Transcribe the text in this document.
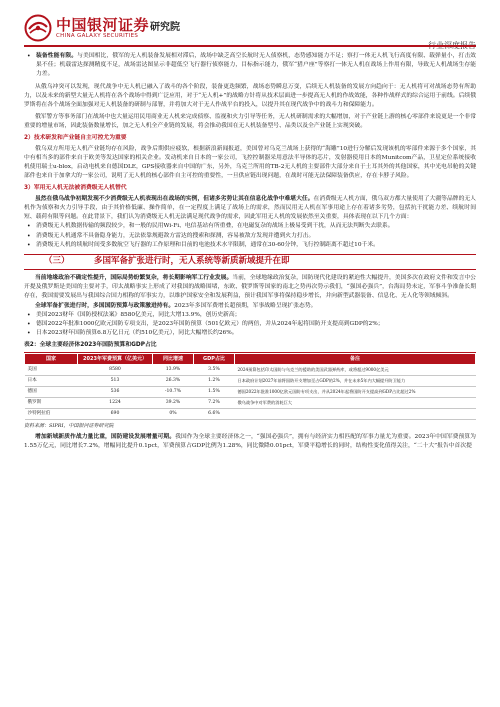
中国银河证券
CHINA GALAXY SECURITIES
研究院

• 装备性能有限。与美国相比，俄军的无人机装备发展相对滞后，战场中缺乏高空长航时无人侦察机，态势感知能力不足；察打一体无人机飞行高度有限、载弹量小，打击效果不佳；机载雷达探测精度不足，战场雷达图显示非超低空飞行器行侦察能力，目标指示能力，俄军“猎户座”等察打一体无人机在战场上作用有限，导致无人机战场生存能力差。

从俄乌冲突可以发现，现代战争中无人机已融入了战斗的各个阶段，装备更迭频繁，战场态势瞬息万变，后续无人机装备的发展方向趋向于：无人机将可对战场态势有所助力，以及未来的新型大量无人机将在各个战场中得到广泛应用，对于“无人机+”的战略方针将从技术层面进一步提高无人机的作战效能，各种作战样式的综合运用于前线。后续俄罗斯将在各个战场全面加强对无人机装备的研制与部署，并将加大对于无人作战平台的投入，以提升其在现代战争中的战斗力和保障能力。

俄军警方等事务部门在战场中也大量运用民用商业无人机来完成侦察、监视和火力引导等任务，无人机研制需求的大幅增加，对于产业链上游的核心零部件来说更是一个非常重要的增量市场，因此装备数量增长，加之无人机全产业链的发展，将会推动我国在无人机装备型号、品类以及全产业链上实现突破。

2）技术研发和产业链自主可控尤为重要

俄乌双方所用无人机产业链均存在风险，战争后期供应疲软，根据新浪新闻报道，美国曾对乌克兰战场上获得的“海雕”10进行分解后发现该机的零部件来源于多个国家，其中有相当多的部件来自于欧美等发达国家的相关企业。发动机来自日本的一家公司，飞控控制器采用意法半导体的芯片，发射器使用日本的Munitcom产品，卫星定位系统接收机使用瑞士u-blox，启动电机来自德国DLE，GPS接收器来自中国的广东，另外，乌克兰所用的TB-2无人机的主要部件大部分来自于土耳其外的其他国家，其中光电吊舱的关键部件也来自于加拿大的一家公司，说明了无人机的核心部件自主可控的重要性，一旦供应链出现问题，在战时可能无法保障装备供应，存在卡脖子风险。

3）军用无人机无法被消费级无人机替代

虽然在俄乌战争初期发现不少消费级无人机表现出在战场的实例，但诸多劣势让其在信息化战争中难堪大任。在消费级无人机方面，俄乌双方都大量使用了大疆等品牌的无人机作为侦察和火力引导手段，由于其价格低廉、操作简单，在一定程度上满足了战场上的需求，然而民用无人机在军事用途上存在着诸多劣势，包括抗干扰能力差、续航时间短、载荷有限等问题。在此背景下，我们认为消费级无人机无法满足现代战争的需求，因此军用无人机的发展依然至关重要，具体表现在以下几个方面：

• 消费级无人机数据传输的频段较少，和一般的民用Wi-Fi、电信基站有所重叠，在电磁复杂的战场上极易受到干扰，从而无法判断失去联系。

• 消费级无人机通常不具备隐身能力，无法依靠规避敌方雷达的搜索和探测，容易被敌方发现并遭到火力打击。

• 消费级无人机的续航时间受多数航空飞行器的工作原理和目前的电池技术水平限制，通常在30-60分钟，飞行控制距离不超过10千米。

（三）	多国军备扩张进行时，无人系统等新质新域提升在即

当前地缘政治不确定性提升，国际局势纷繁复杂，将长期影响军工行业发展。当前，全球地缘政治复杂，国防现代化建设的紧迫性大幅提升，美国多次在政府文件和发言中公开提及俄罗斯是美国的主要对手，印太战略事实上形成了对我国的战略围堵，东欧、俄罗斯等国家的南北之势再次势示我们，“强国必强兵”，台海局势未定，军事斗争准备长期存在，我国需要发展出与我国综合国力相称的军事实力，以维护国家安全和发展利益，预计我国军事将保持稳步增长，并向新型武器装备、信息化、无人化等领域倾斜。

全球军备扩张进行时，多国国防预算与政策激进持有。2023年多国军费增长超预期，军事战略呈现扩张态势。

• 美国2023财年《国防授权法案》8580亿美元，同比大增13.9%，创历史新高；

• 德国2022年批准1000亿欧元国防专项支出，是2023年国防预算（501亿欧元）的两倍，并从2024年起将国防开支提高到GDP的2%；

• 日本2023财年国防预算6.8万亿日元（约510亿美元），同比大幅增长约26%。

表2：全球主要经济体2023年国防预算和GDP占比
国家	2023年军费预算（亿美元）	同比增速	GDP占比	备注
美国	8580	13.9%	3.5%	2024预算包括印太国防与乌克兰的援助的美国武器弹药库，或将超过9000亿美元
日本	513	26.3%	1.2%	日本政府计划2027年前将国防开支增加至占GDP的2%，并在未来5年内大幅提升防卫能力
德国	536	-10.7%	1.5%	德国2022年批准1000亿欧元国防专项支出，并从2024年起将国防开支提高到GDP占比超过2%
俄罗斯	1224	39.2%	7.2%	俄乌战争中对军费的消耗巨大
沙特阿拉伯	690	0%	6.6%	
资料来源：SIPRI，中国银河证券研究院

增加新域新质作战力量比重，国防建设发展增量可期。我国作为全球主要经济体之一，“强国必强兵”，拥有与经济实力相匹配的军事力量尤为重要。2023年中国军费预算为1.55万亿元，同比增长7.2%，增幅同比提升0.1pct，军费预算占GDP比例为1.28%，同比微降0.01pct，军费平稳增长的同时，结构性变化值得关注，“二十大”报告中首次提
